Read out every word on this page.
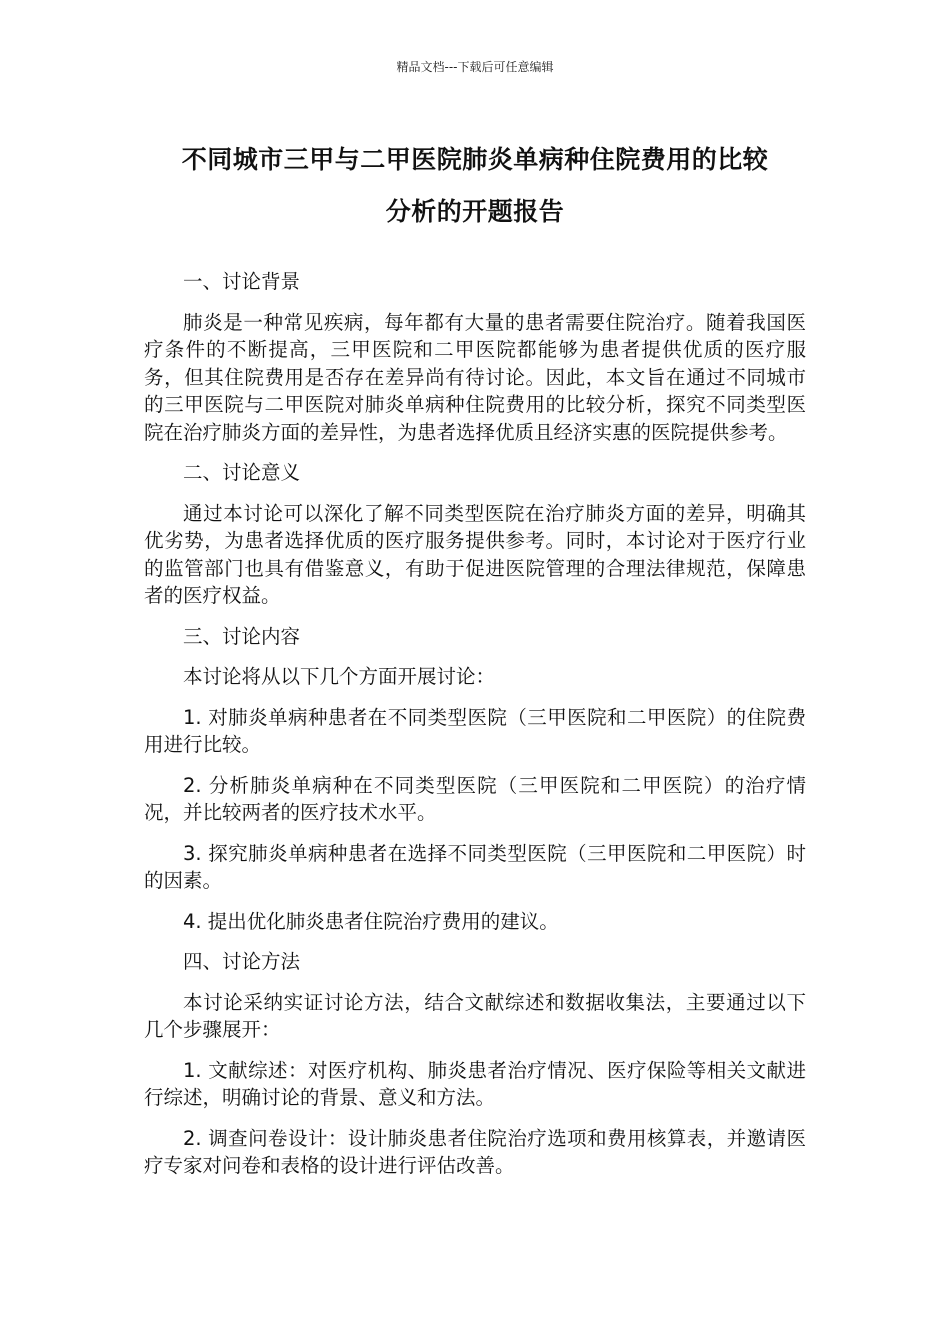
精品文档---下载后可任意编辑
不同城市三甲与二甲医院肺炎单病种住院费用的比较
分析的开题报告

一、讨论背景

肺炎是一种常见疾病，每年都有大量的患者需要住院治疗。随着我国医疗条件的不断提高，三甲医院和二甲医院都能够为患者提供优质的医疗服务，但其住院费用是否存在差异尚有待讨论。因此，本文旨在通过不同城市的三甲医院与二甲医院对肺炎单病种住院费用的比较分析，探究不同类型医院在治疗肺炎方面的差异性，为患者选择优质且经济实惠的医院提供参考。

二、讨论意义

通过本讨论可以深化了解不同类型医院在治疗肺炎方面的差异，明确其优劣势，为患者选择优质的医疗服务提供参考。同时，本讨论对于医疗行业的监管部门也具有借鉴意义，有助于促进医院管理的合理法律规范，保障患者的医疗权益。

三、讨论内容

本讨论将从以下几个方面开展讨论：

1. 对肺炎单病种患者在不同类型医院（三甲医院和二甲医院）的住院费用进行比较。

2. 分析肺炎单病种在不同类型医院（三甲医院和二甲医院）的治疗情况，并比较两者的医疗技术水平。

3. 探究肺炎单病种患者在选择不同类型医院（三甲医院和二甲医院）时的因素。

4. 提出优化肺炎患者住院治疗费用的建议。

四、讨论方法

本讨论采纳实证讨论方法，结合文献综述和数据收集法，主要通过以下几个步骤展开：

1. 文献综述：对医疗机构、肺炎患者治疗情况、医疗保险等相关文献进行综述，明确讨论的背景、意义和方法。

2. 调查问卷设计：设计肺炎患者住院治疗选项和费用核算表，并邀请医疗专家对问卷和表格的设计进行评估改善。
